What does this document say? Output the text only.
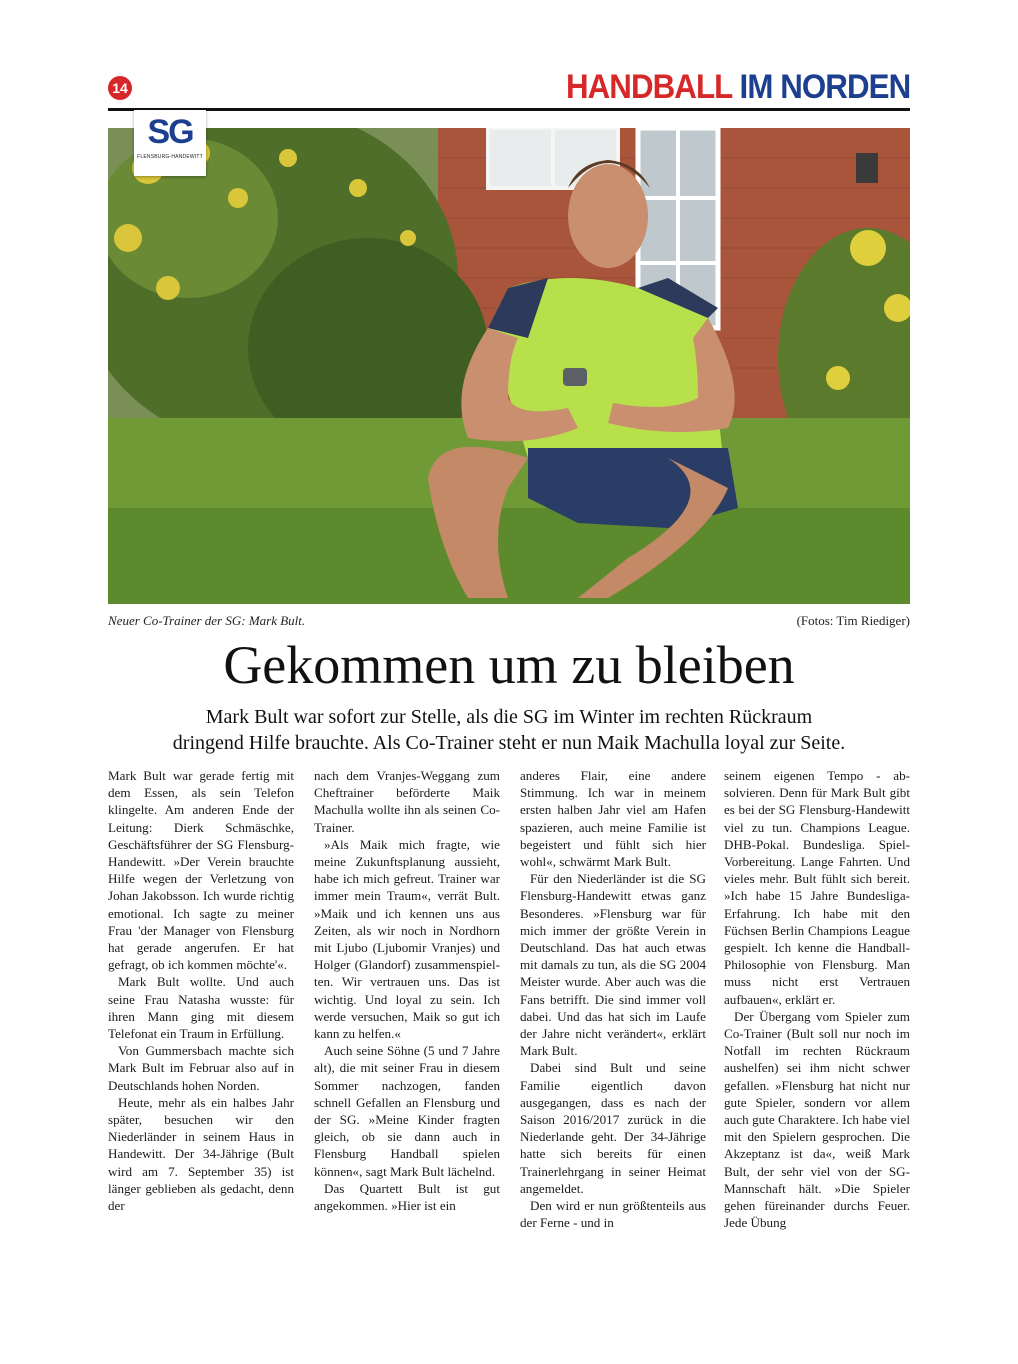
14	HANDBALL IM NORDEN
SG
FLENSBURG-HANDEWITT
Neuer Co-Trainer der SG: Mark Bult.	(Fotos: Tim Riediger)
Gekommen um zu bleiben

Mark Bult war sofort zur Stelle, als die SG im Winter im rechten Rückraum
dringend Hilfe brauchte. Als Co-Trainer steht er nun Maik Machulla loyal zur Seite.

Mark Bult war gerade fertig mit dem Essen, als sein Telefon klingelte. Am anderen Ende der Leitung: Dierk Schmäschke, Geschäftsführer der SG Flensburg-Handewitt. »Der Verein brauchte Hilfe wegen der Verletzung von Johan Jakobsson. Ich wurde richtig emotional. Ich sagte zu meiner Frau 'der Manager von Flensburg hat gerade angerufen. Er hat gefragt, ob ich kommen möchte'«.

Mark Bult wollte. Und auch seine Frau Natasha wusste: für ihren Mann ging mit diesem Telefonat ein Traum in Erfüllung.

Von Gummersbach machte sich Mark Bult im Februar also auf in Deutschlands hohen Norden.

Heute, mehr als ein halbes Jahr später, besuchen wir den Niederländer in seinem Haus in Handewitt. Der 34-Jährige (Bult wird am 7. September 35) ist länger geblieben als gedacht, denn der

nach dem Vranjes-Weggang zum Cheftrainer beförderte Maik Machulla wollte ihn als seinen Co-Trainer.

»Als Maik mich fragte, wie meine Zukunftsplanung aussieht, habe ich mich gefreut. Trainer war immer mein Traum«, verrät Bult. »Maik und ich kennen uns aus Zeiten, als wir noch in Nordhorn mit Ljubo (Ljubomir Vranjes) und Holger (Glandorf) zusammenspielten. Wir vertrauen uns. Das ist wichtig. Und loyal zu sein. Ich werde versuchen, Maik so gut ich kann zu helfen.«

Auch seine Söhne (5 und 7 Jahre alt), die mit seiner Frau in diesem Sommer nachzogen, fanden schnell Gefallen an Flensburg und der SG. »Meine Kinder fragten gleich, ob sie dann auch in Flensburg Handball spielen können«, sagt Mark Bult lächelnd.

Das Quartett Bult ist gut angekommen. »Hier ist ein

anderes Flair, eine andere Stimmung. Ich war in meinem ersten halben Jahr viel am Hafen spazieren, auch meine Familie ist begeistert und fühlt sich hier wohl«, schwärmt Mark Bult.

Für den Niederländer ist die SG Flensburg-Handewitt etwas ganz Besonderes. »Flensburg war für mich immer der größte Verein in Deutschland. Das hat auch etwas mit damals zu tun, als die SG 2004 Meister wurde. Aber auch was die Fans betrifft. Die sind immer voll dabei. Und das hat sich im Laufe der Jahre nicht verändert«, erklärt Mark Bult.

Dabei sind Bult und seine Familie eigentlich davon ausgegangen, dass es nach der Saison 2016/2017 zurück in die Niederlande geht. Der 34-Jährige hatte sich bereits für einen Trainerlehrgang in seiner Heimat angemeldet.

Den wird er nun größtenteils aus der Ferne - und in

seinem eigenen Tempo - absolvieren. Denn für Mark Bult gibt es bei der SG Flensburg-Handewitt viel zu tun. Champions League. DHB-Pokal. Bundesliga. Spiel-Vorbereitung. Lange Fahrten. Und vieles mehr. Bult fühlt sich bereit. »Ich habe 15 Jahre Bundesliga-Erfahrung. Ich habe mit den Füchsen Berlin Champions League gespielt. Ich kenne die Handball-Philosophie von Flensburg. Man muss nicht erst Vertrauen aufbauen«, erklärt er.

Der Übergang vom Spieler zum Co-Trainer (Bult soll nur noch im Notfall im rechten Rückraum aushelfen) sei ihm nicht schwer gefallen. »Flensburg hat nicht nur gute Spieler, sondern vor allem auch gute Charaktere. Ich habe viel mit den Spielern gesprochen. Die Akzeptanz ist da«, weiß Mark Bult, der sehr viel von der SG-Mannschaft hält. »Die Spieler gehen füreinander durchs Feuer. Jede Übung
